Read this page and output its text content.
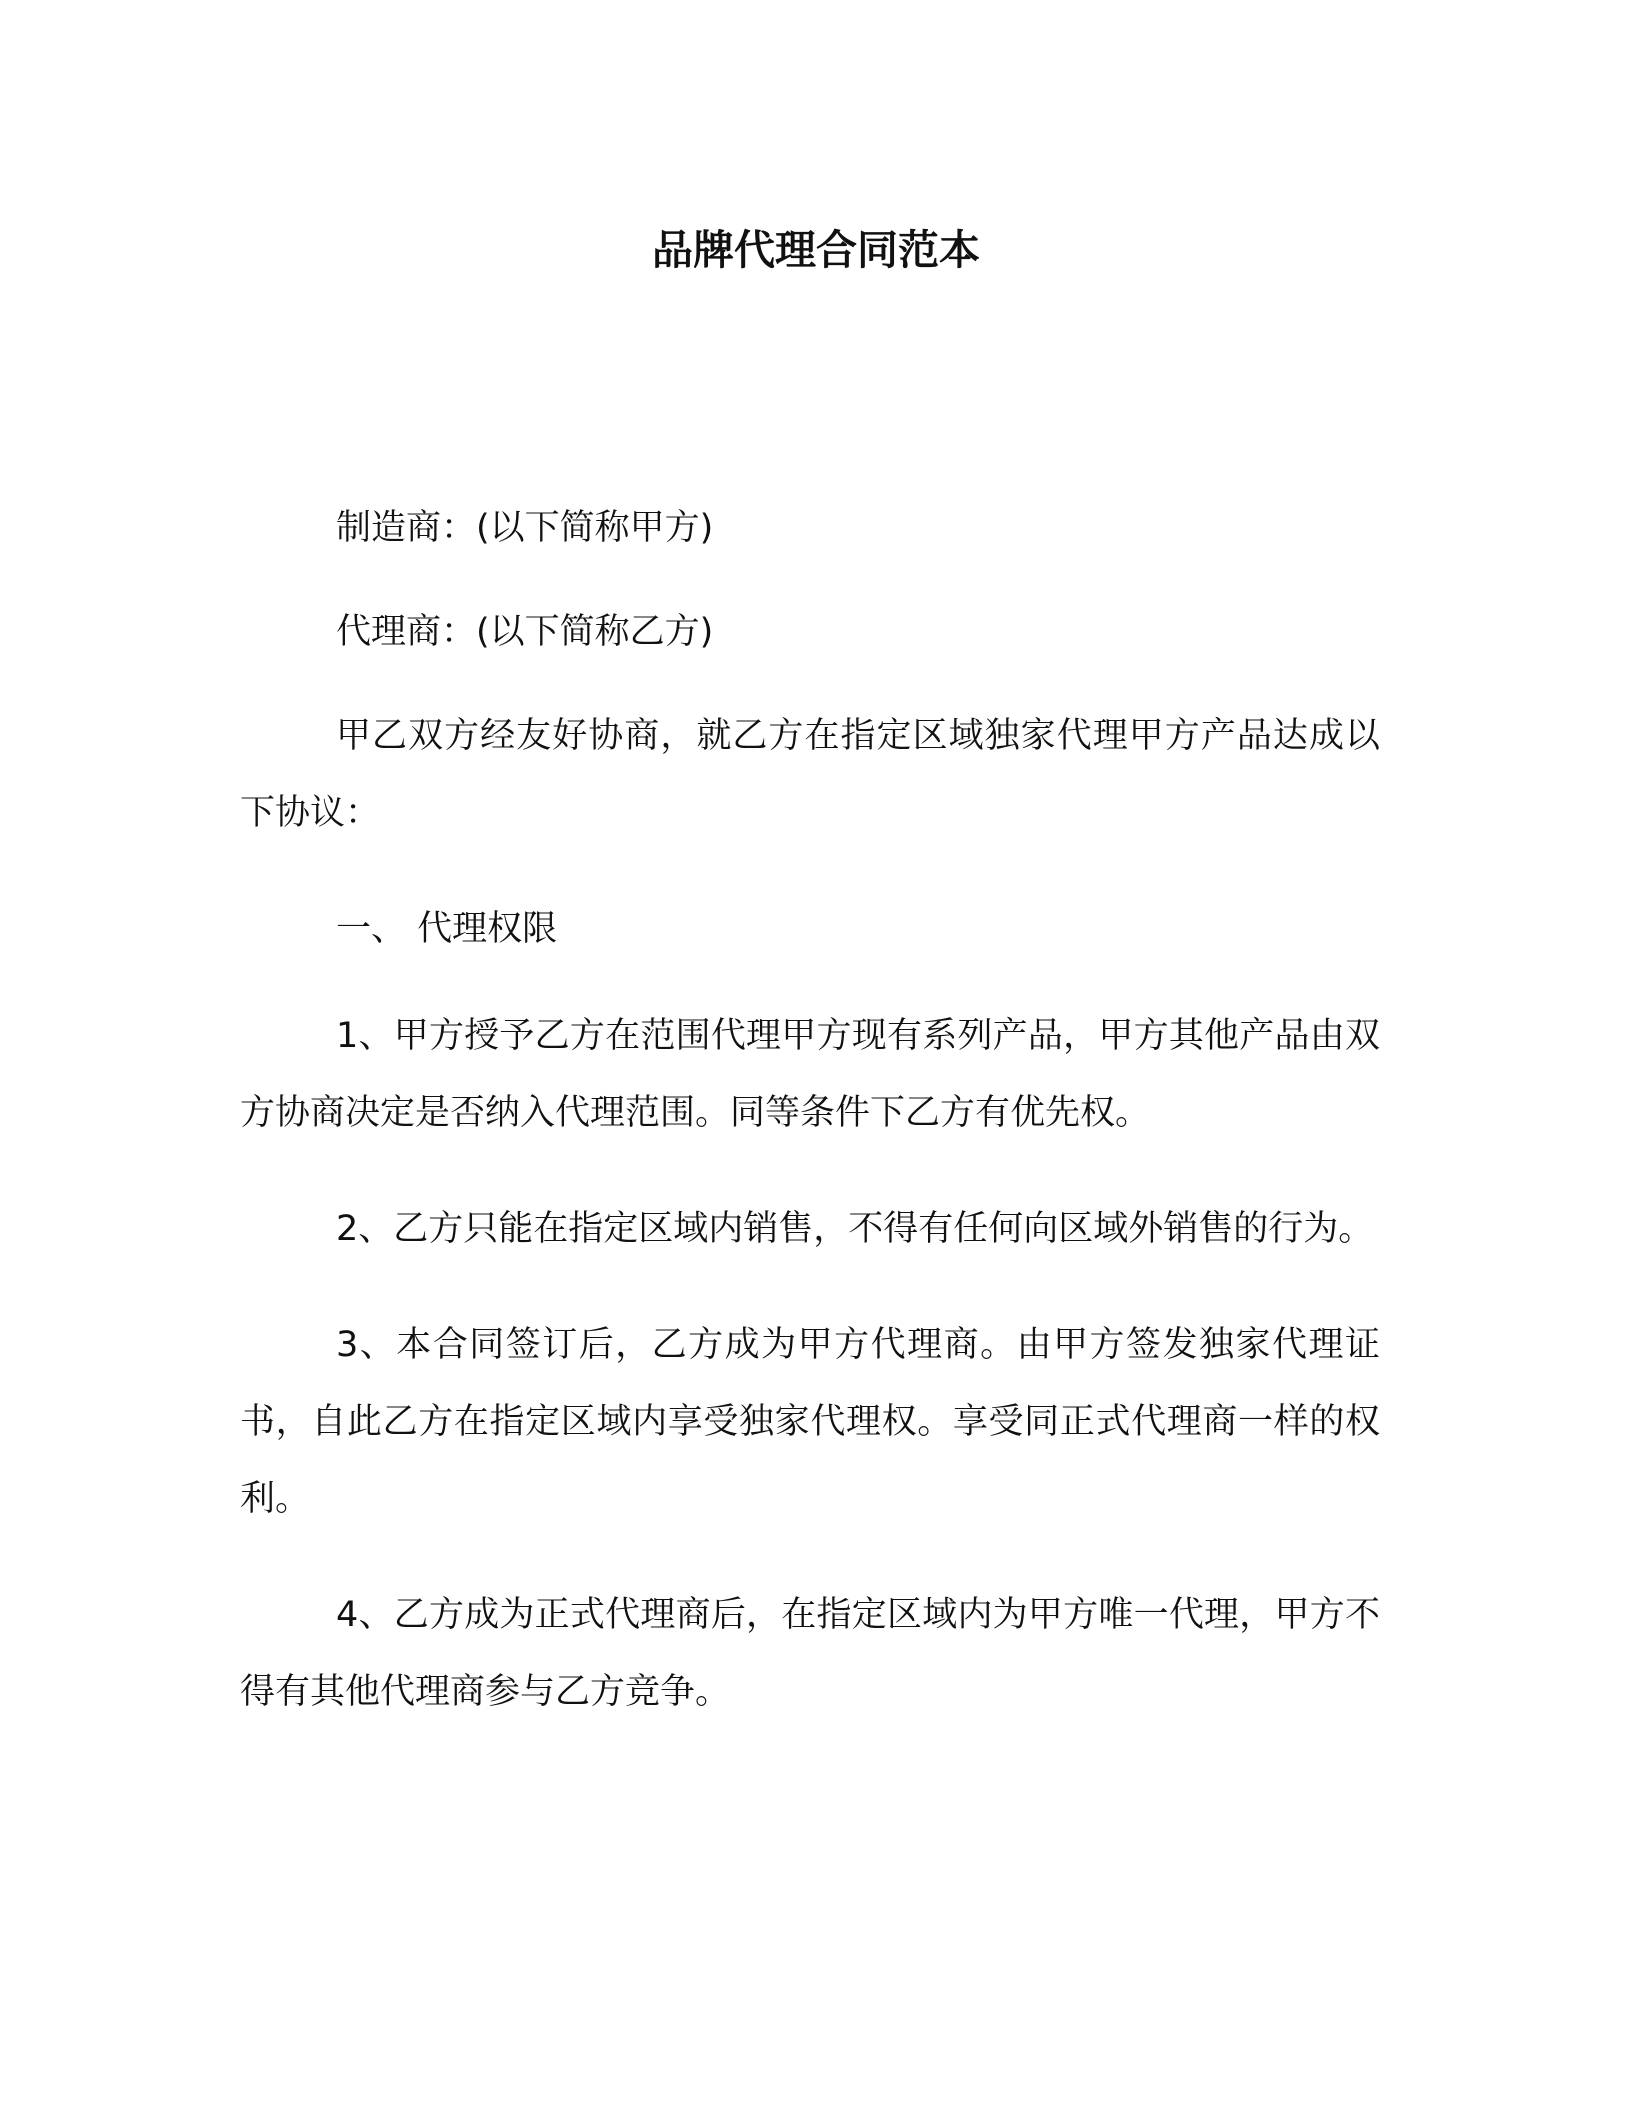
品牌代理合同范本

制造商：(以下简称甲方)

代理商：(以下简称乙方)

甲乙双方经友好协商，就乙方在指定区域独家代理甲方产品达成以下协议：

一、 代理权限

1、甲方授予乙方在范围代理甲方现有系列产品，甲方其他产品由双方协商决定是否纳入代理范围。同等条件下乙方有优先权。

2、乙方只能在指定区域内销售，不得有任何向区域外销售的行为。

3、本合同签订后，乙方成为甲方代理商。由甲方签发独家代理证书，自此乙方在指定区域内享受独家代理权。享受同正式代理商一样的权利。

4、乙方成为正式代理商后，在指定区域内为甲方唯一代理，甲方不得有其他代理商参与乙方竞争。
